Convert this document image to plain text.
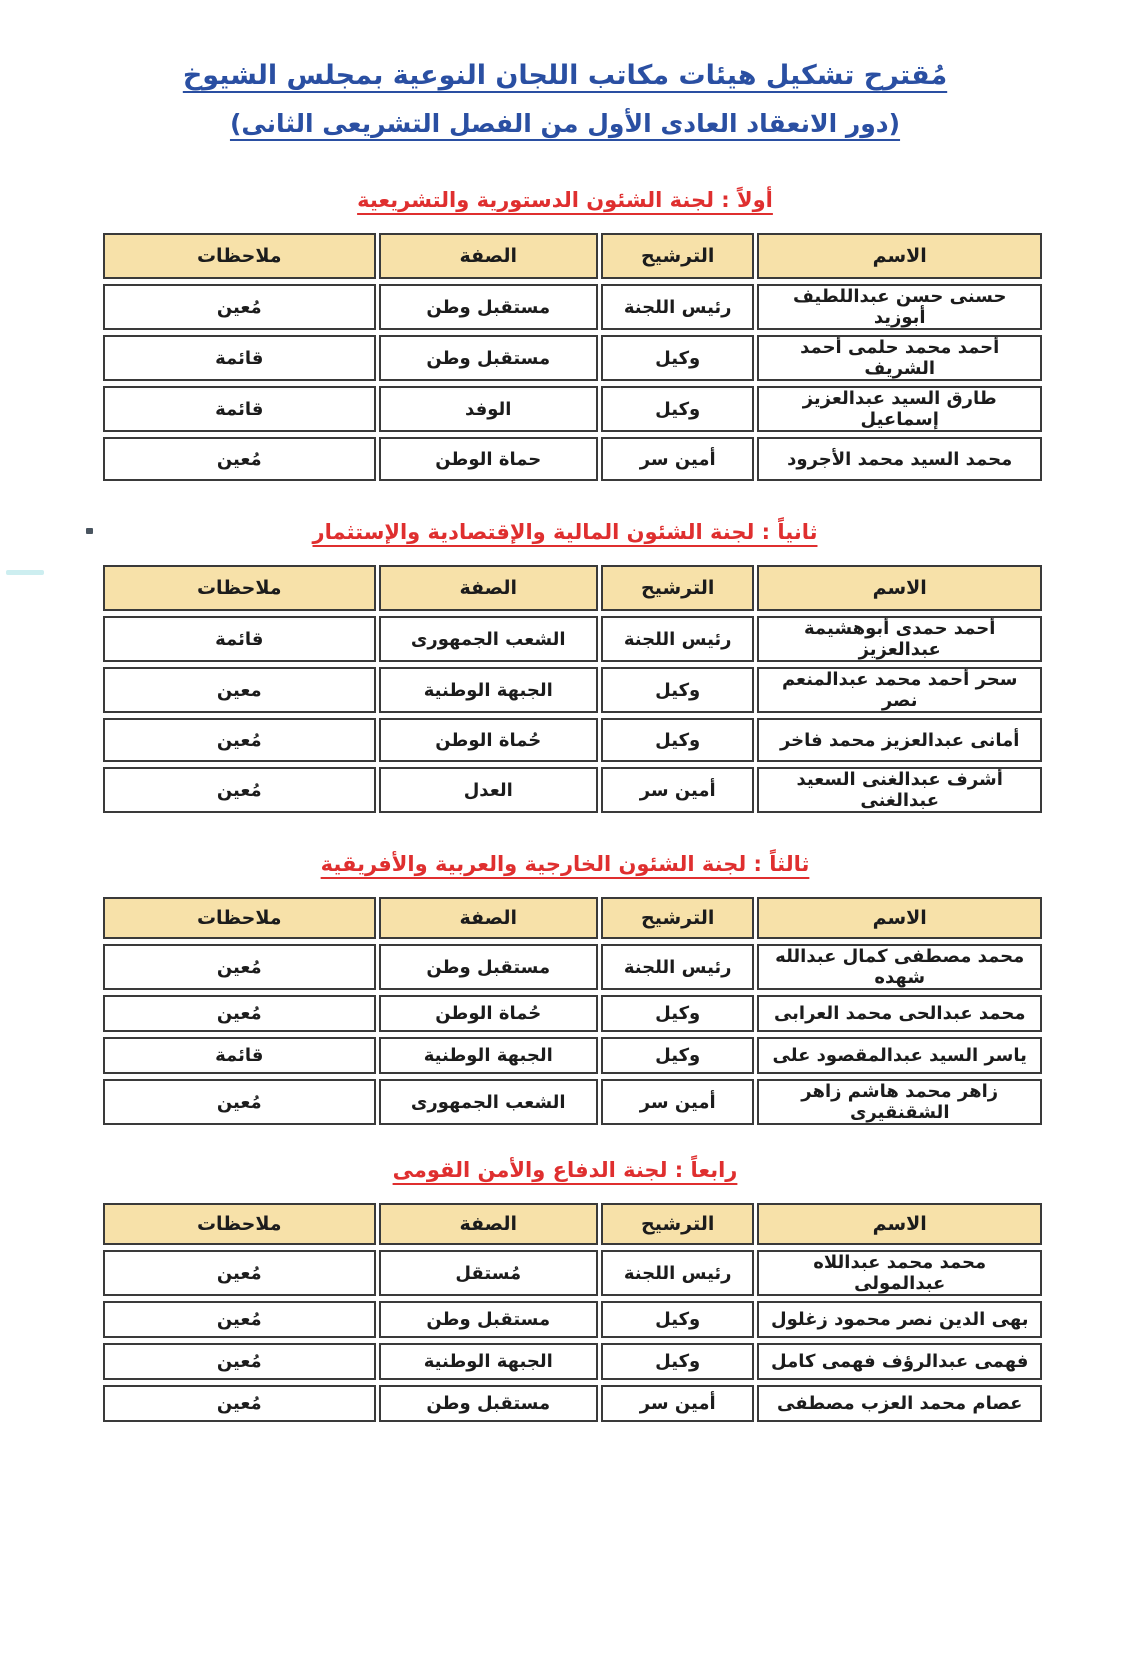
مُقترح تشكيل هيئات مكاتب اللجان النوعية بمجلس الشيوخ
(دور الانعقاد العادى الأول من الفصل التشريعى الثانى)
أولاً : لجنة الشئون الدستورية والتشريعية
الاسم	الترشيح	الصفة	ملاحظات
حسنى حسن عبداللطيف أبوزيد	رئيس اللجنة	مستقبل وطن	مُعين
أحمد محمد حلمى أحمد الشريف	وكيل	مستقبل وطن	قائمة
طارق السيد عبدالعزيز إسماعيل	وكيل	الوفد	قائمة
محمد السيد محمد الأجرود	أمين سر	حماة الوطن	مُعين
ثانياً : لجنة الشئون المالية والإقتصادية والإستثمار
الاسم	الترشيح	الصفة	ملاحظات
أحمد حمدى أبوهشيمة عبدالعزيز	رئيس اللجنة	الشعب الجمهورى	قائمة
سحر أحمد محمد عبدالمنعم نصر	وكيل	الجبهة الوطنية	معين
أمانى عبدالعزيز محمد فاخر	وكيل	حُماة الوطن	مُعين
أشرف عبدالغنى السعيد عبدالغنى	أمين سر	العدل	مُعين
ثالثاً : لجنة الشئون الخارجية والعربية والأفريقية
الاسم	الترشيح	الصفة	ملاحظات
محمد مصطفى كمال عبدالله شهده	رئيس اللجنة	مستقبل وطن	مُعين
محمد عبدالحى محمد العرابى	وكيل	حُماة الوطن	مُعين
ياسر السيد عبدالمقصود على	وكيل	الجبهة الوطنية	قائمة
زاهر محمد هاشم زاهر الشقنقيرى	أمين سر	الشعب الجمهورى	مُعين
رابعاً : لجنة الدفاع والأمن القومى
الاسم	الترشيح	الصفة	ملاحظات
محمد محمد عبداللاه عبدالمولى	رئيس اللجنة	مُستقل	مُعين
بهى الدين نصر محمود زغلول	وكيل	مستقبل وطن	مُعين
فهمى عبدالرؤف فهمى كامل	وكيل	الجبهة الوطنية	مُعين
عصام محمد العزب مصطفى	أمين سر	مستقبل وطن	مُعين
